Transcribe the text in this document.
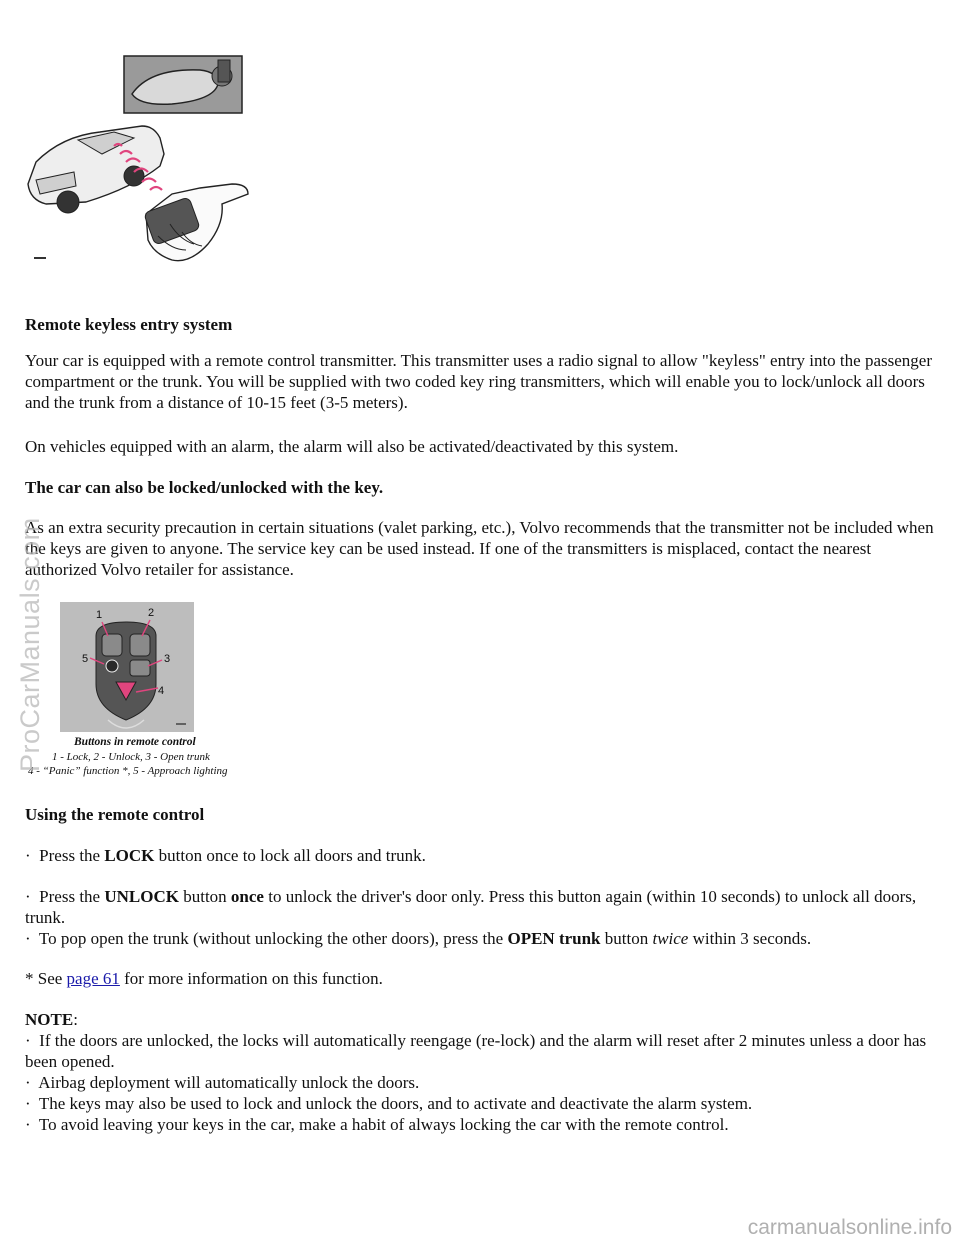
Remote keyless entry system

Your car is equipped with a remote control transmitter. This transmitter uses a radio signal to allow "keyless" entry into the passenger compartment or the trunk. You will be supplied with two coded key ring transmitters, which will enable you to lock/unlock all doors and the trunk from a distance of 10-15 feet (3-5 meters).

On vehicles equipped with an alarm, the alarm will also be activated/deactivated by this system.

The car can also be locked/unlocked with the key.

As an extra security precaution in certain situations (valet parking, etc.), Volvo recommends that the transmitter not be included when the keys are given to anyone. The service key can be used instead. If one of the transmitters is misplaced, contact the nearest authorized Volvo retailer for assistance.

1	2
3
4
5
Buttons in remote control
1 - Lock, 2 - Unlock, 3 - Open trunk
4 - “Panic” function *, 5 - Approach lighting
Using the remote control

· Press the LOCK button once to lock all doors and trunk.

· Press the UNLOCK button once to unlock the driver's door only. Press this button again (within 10 seconds) to unlock all doors, trunk.

· To pop open the trunk (without unlocking the other doors), press the OPEN trunk button twice within 3 seconds.

* See page 61 for more information on this function.

NOTE:

· If the doors are unlocked, the locks will automatically reengage (re-lock) and the alarm will reset after 2 minutes unless a door has been opened.
· Airbag deployment will automatically unlock the doors.
· The keys may also be used to lock and unlock the doors, and to activate and deactivate the alarm system.
· To avoid leaving your keys in the car, make a habit of always locking the car with the remote control.
ProCarManuals.com
carmanualsonline.info
